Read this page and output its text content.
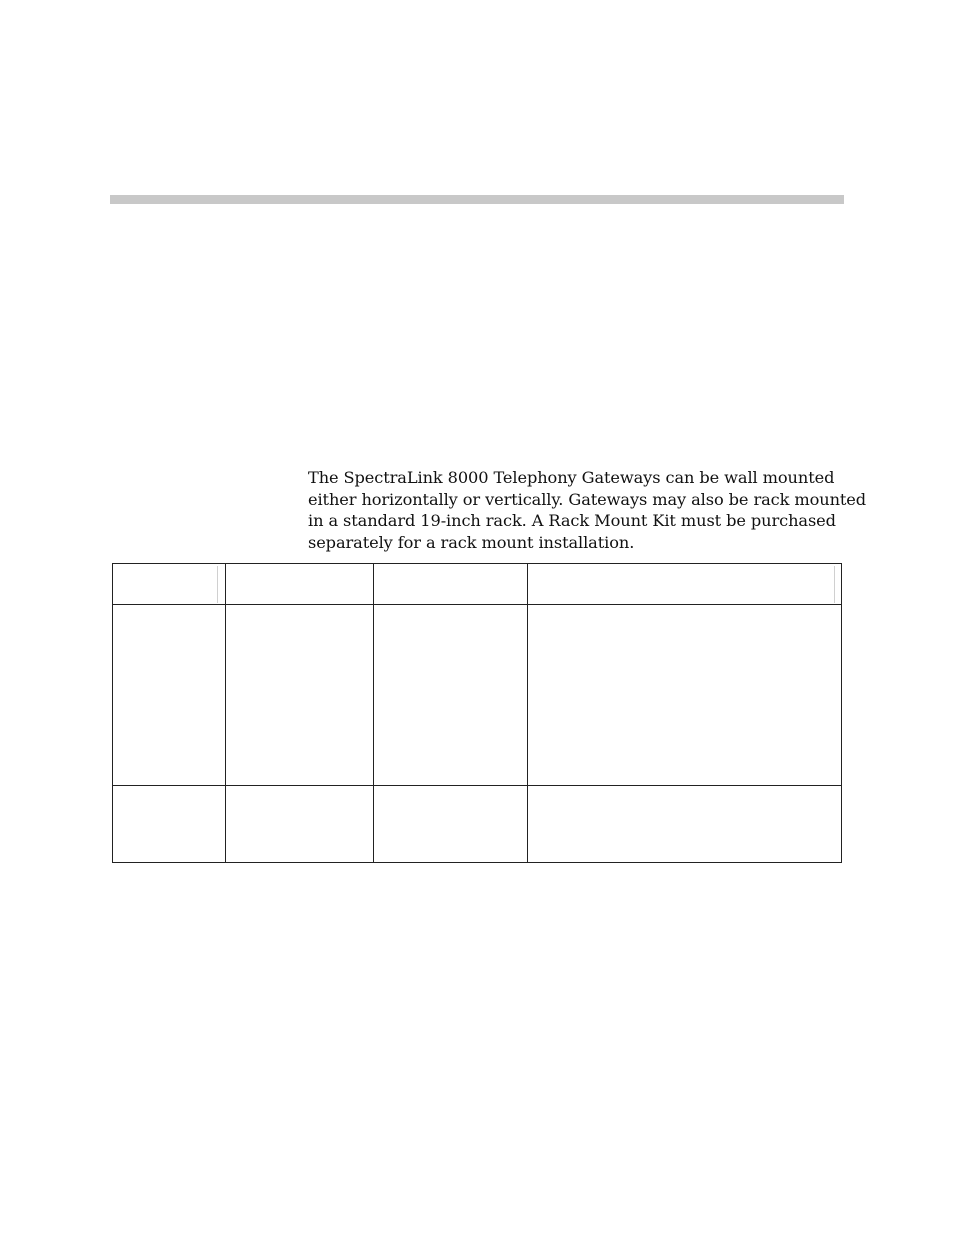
The SpectraLink 8000 Telephony Gateways can be wall mounted
either horizontally or vertically. Gateways may also be rack mounted
in a standard 19-inch rack. A Rack Mount Kit must be purchased
separately for a rack mount installation.
